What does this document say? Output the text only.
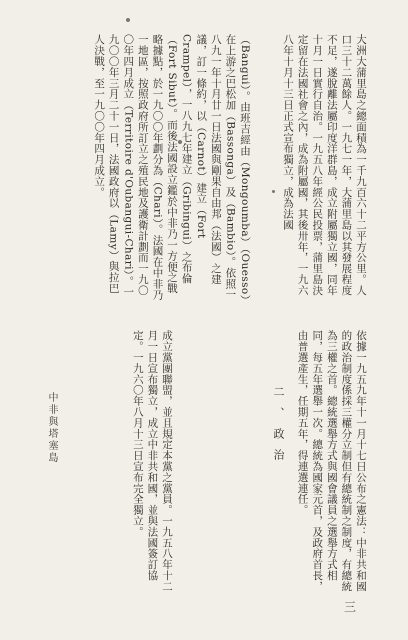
大洲大蒲里島之總面積為一千九百六十二平方公里。人口三十二萬餘人。一九七一年，大蒲里島以其發展程度不足，遂脫離法屬印度洋群島，成立附屬獨立國，同年十月一日實行自治。一九五八年經公民投票，蒲里島決定留在法國社會之內，成為附屬國，其後卅年，一九六八年十月十三日正式宣布獨立，成為法國
（Bangui）。由班吉經由（Mongoumba）（Ouesso）在上游之巴松加（Bassonga）及（Bambio）。依照一八九一年十月廿一日法國與剛果自由邦（法國）之建議，訂一條約，以（Carnot）建立（Fort Crampel），一八九七年建立（Gribingui）之布倫（Fort Sibut）。而後法國設立鑑於中非乃一方便之戰略據點，於一九〇〇年劃分為（Chari）。法國在中非乃一地區，按照政府所訂立之殖民地及護衛計劃而一九〇〇年四月成立（Territoire d'Oubangui-Chari）。一九〇〇年三月二十一日，法國政府以（Lamy）與拉巴人決戰，至一九〇〇年四月成立。
二、政治	依據一九五九年十一月十七日公布之憲法：中非共和國的政治制度係採三權分立制但有總統制之制度，有總統為三權之首。總統選舉方式與國會議員之選舉方式相同，每五年選舉一次。總統為國家元首，及政府首長，由普選產生，任期五年，得連選連任。
成立黨團聯盟，並且規定本黨之黨員。一九五八年十二月一日宣布獨立，成立中非共和國，並與法國簽訂協定。一九六〇年八月十三日宣布完全獨立。
中非與塔塞島
三
